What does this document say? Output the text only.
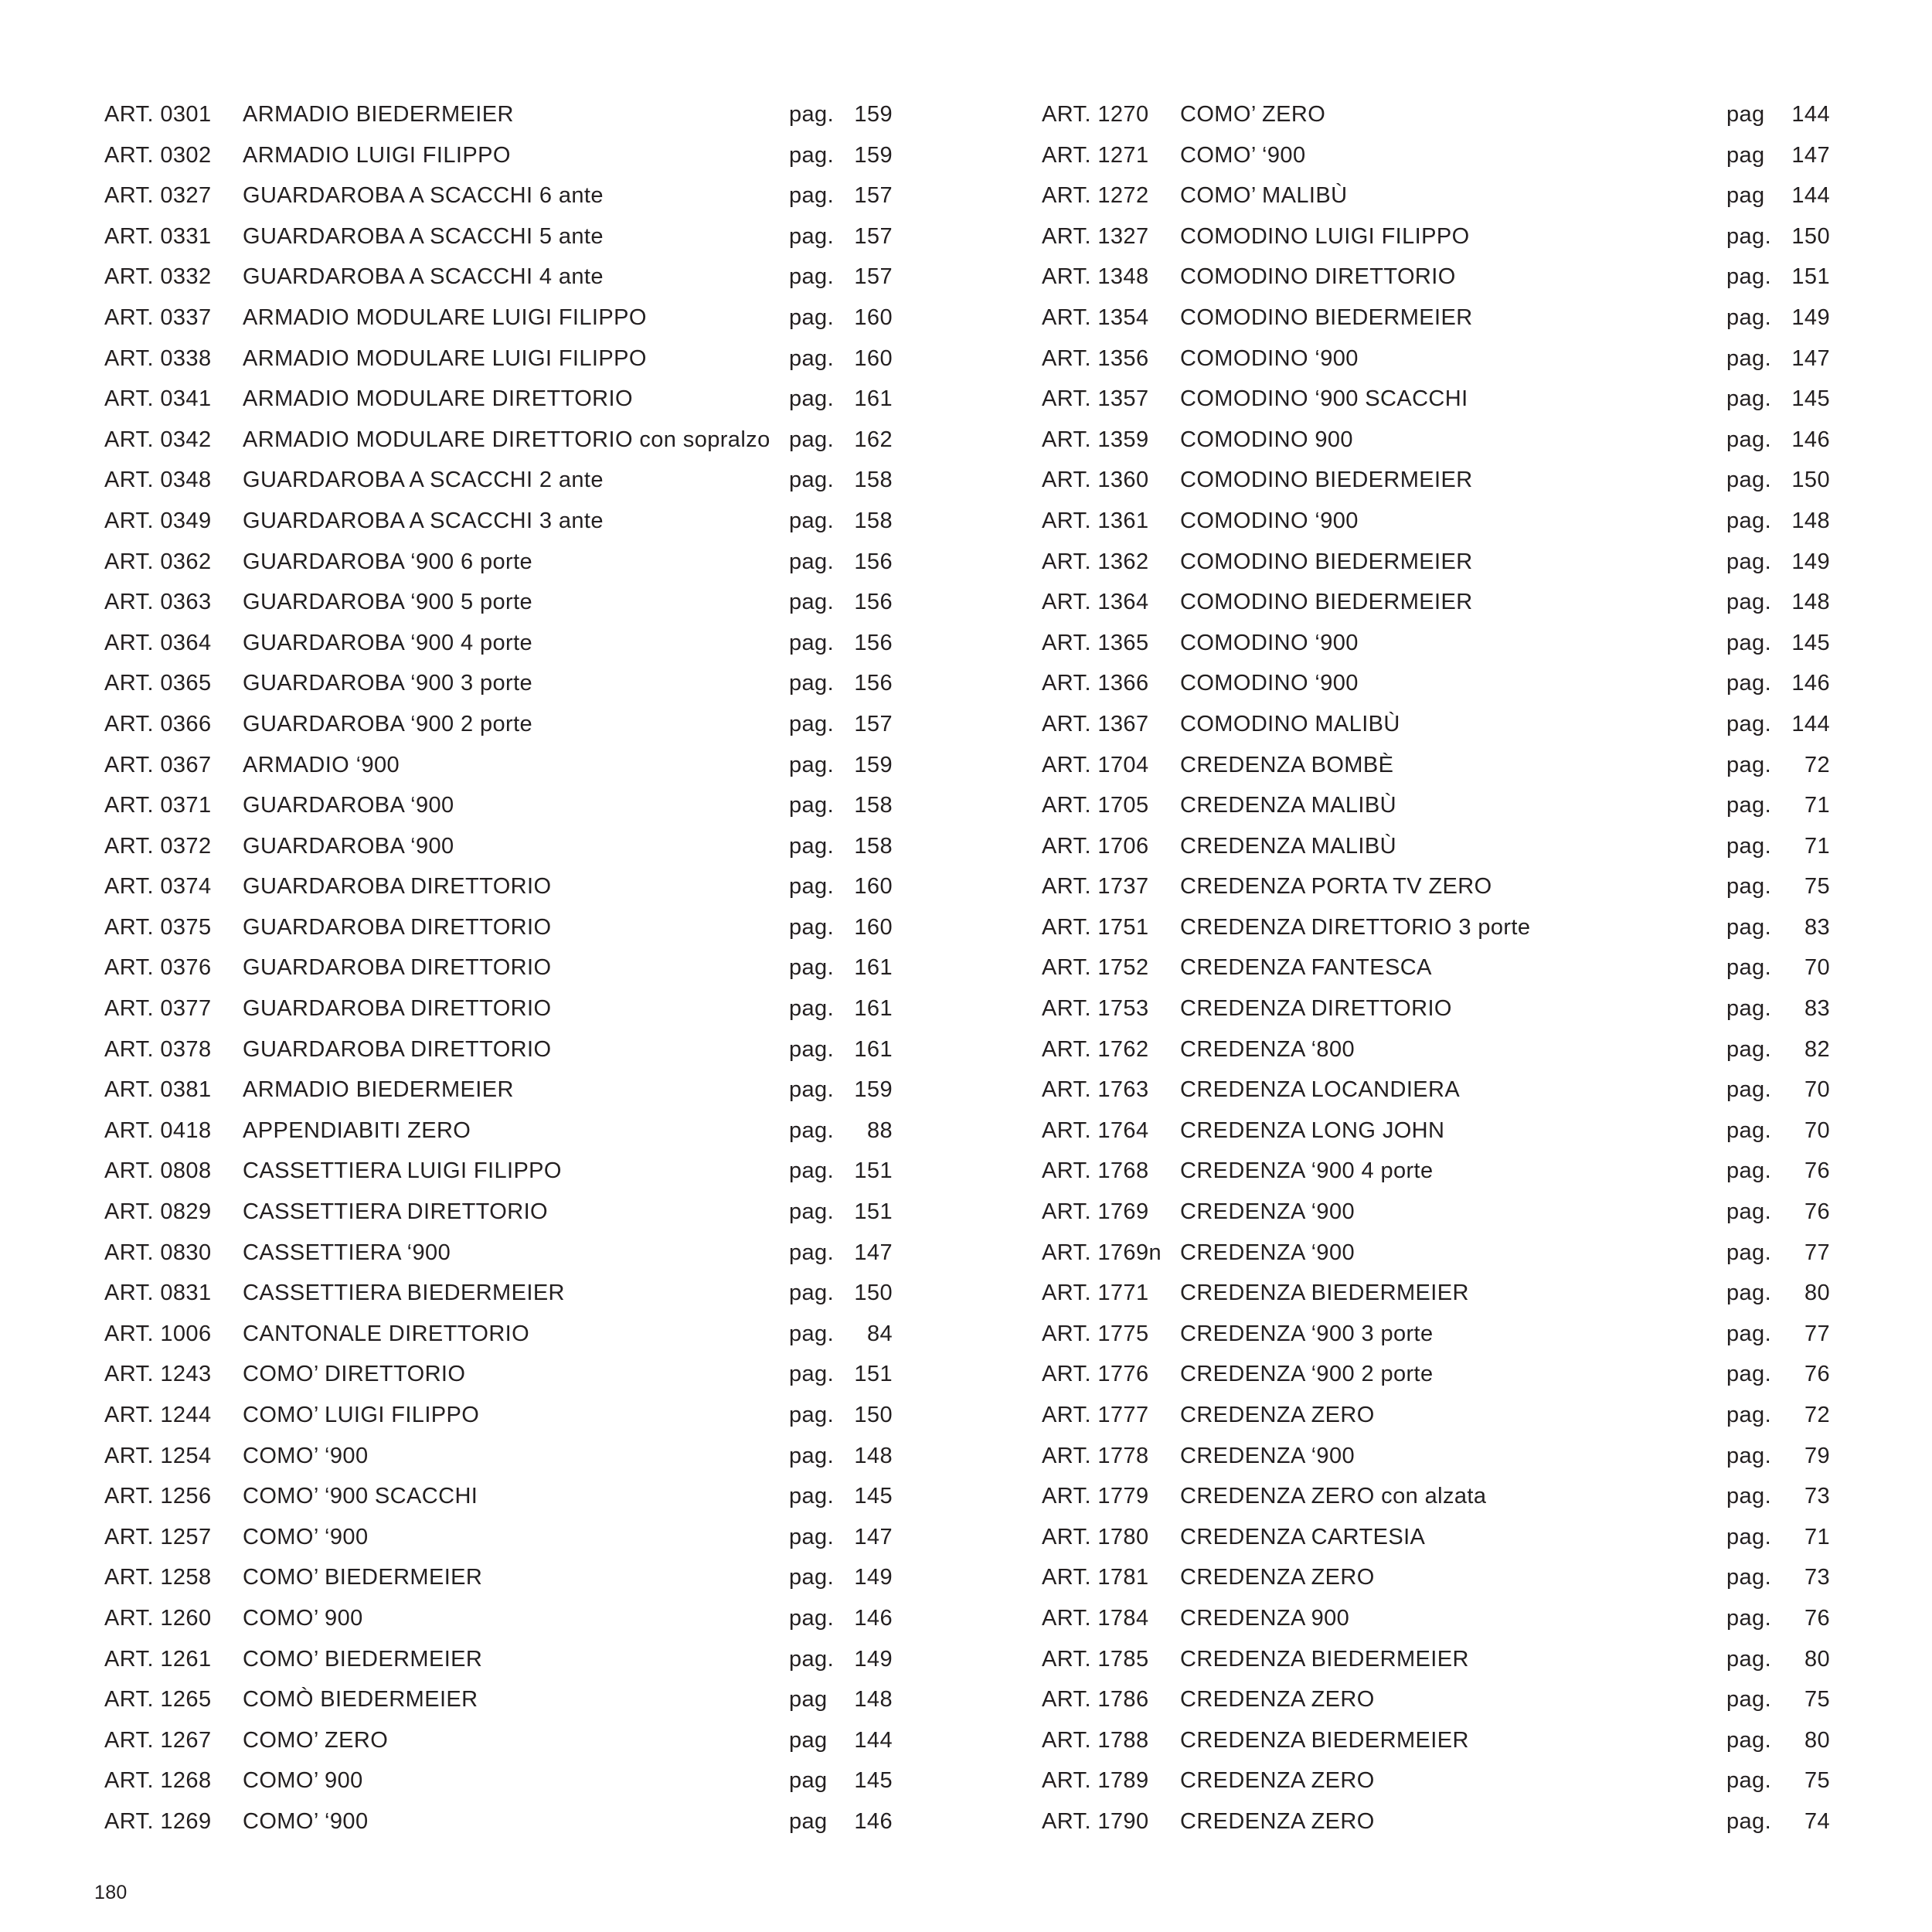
ART. 0301 ARMADIO BIEDERMEIER	pag. 159
ART. 0302 ARMADIO LUIGI FILIPPO	pag. 159
ART. 0327 GUARDAROBA A SCACCHI 6 ante	pag. 157
ART. 0331 GUARDAROBA A SCACCHI 5 ante	pag. 157
ART. 0332 GUARDAROBA A SCACCHI 4 ante	pag. 157
ART. 0337 ARMADIO MODULARE LUIGI FILIPPO	pag. 160
ART. 0338 ARMADIO MODULARE LUIGI FILIPPO	pag. 160
ART. 0341 ARMADIO MODULARE DIRETTORIO	pag. 161
ART. 0342 ARMADIO MODULARE DIRETTORIO con sopralzo pag. 162
ART. 0348 GUARDAROBA A SCACCHI 2 ante	pag. 158
ART. 0349 GUARDAROBA A SCACCHI 3 ante	pag. 158
ART. 0362 GUARDAROBA ‘900 6 porte	pag. 156
ART. 0363 GUARDAROBA ‘900 5 porte	pag. 156
ART. 0364 GUARDAROBA ‘900 4 porte	pag. 156
ART. 0365 GUARDAROBA ‘900 3 porte	pag. 156
ART. 0366 GUARDAROBA ‘900 2 porte	pag. 157
ART. 0367 ARMADIO ‘900	pag. 159
ART. 0371 GUARDAROBA ‘900	pag. 158
ART. 0372 GUARDAROBA ‘900	pag. 158
ART. 0374 GUARDAROBA DIRETTORIO	pag. 160
ART. 0375 GUARDAROBA DIRETTORIO	pag. 160
ART. 0376 GUARDAROBA DIRETTORIO	pag. 161
ART. 0377 GUARDAROBA DIRETTORIO	pag. 161
ART. 0378 GUARDAROBA DIRETTORIO	pag. 161
ART. 0381 ARMADIO BIEDERMEIER	pag. 159
ART. 0418 APPENDIABITI ZERO	pag. 88
ART. 0808 CASSETTIERA LUIGI FILIPPO	pag. 151
ART. 0829 CASSETTIERA DIRETTORIO	pag. 151
ART. 0830 CASSETTIERA ‘900	pag. 147
ART. 0831 CASSETTIERA BIEDERMEIER	pag. 150
ART. 1006 CANTONALE DIRETTORIO	pag. 84
ART. 1243 COMO’ DIRETTORIO	pag. 151
ART. 1244 COMO’ LUIGI FILIPPO	pag. 150
ART. 1254 COMO’ ‘900	pag. 148
ART. 1256 COMO’ ‘900 SCACCHI	pag. 145
ART. 1257 COMO’ ‘900	pag. 147
ART. 1258 COMO’ BIEDERMEIER	pag. 149
ART. 1260 COMO’ 900	pag. 146
ART. 1261 COMO’ BIEDERMEIER	pag. 149
ART. 1265 COMÒ BIEDERMEIER	pag 148
ART. 1267 COMO’ ZERO	pag 144
ART. 1268 COMO’ 900	pag 145
ART. 1269 COMO’ ‘900	pag 146
ART. 1270 COMO’ ZERO	pag 144
ART. 1271 COMO’ ‘900	pag 147
ART. 1272 COMO’ MALIBÙ	pag 144
ART. 1327 COMODINO LUIGI FILIPPO	pag. 150
ART. 1348 COMODINO DIRETTORIO	pag. 151
ART. 1354 COMODINO BIEDERMEIER	pag. 149
ART. 1356 COMODINO ‘900	pag. 147
ART. 1357 COMODINO ‘900 SCACCHI	pag. 145
ART. 1359 COMODINO 900	pag. 146
ART. 1360 COMODINO BIEDERMEIER	pag. 150
ART. 1361 COMODINO ‘900	pag. 148
ART. 1362 COMODINO BIEDERMEIER	pag. 149
ART. 1364 COMODINO BIEDERMEIER	pag. 148
ART. 1365 COMODINO ‘900	pag. 145
ART. 1366 COMODINO ‘900	pag. 146
ART. 1367 COMODINO MALIBÙ	pag. 144
ART. 1704 CREDENZA BOMBÈ	pag. 72
ART. 1705 CREDENZA MALIBÙ	pag. 71
ART. 1706 CREDENZA MALIBÙ	pag. 71
ART. 1737 CREDENZA PORTA TV ZERO	pag. 75
ART. 1751 CREDENZA DIRETTORIO 3 porte	pag. 83
ART. 1752 CREDENZA FANTESCA	pag. 70
ART. 1753 CREDENZA DIRETTORIO	pag. 83
ART. 1762 CREDENZA ‘800	pag. 82
ART. 1763 CREDENZA LOCANDIERA	pag. 70
ART. 1764 CREDENZA LONG JOHN	pag. 70
ART. 1768 CREDENZA ‘900 4 porte	pag. 76
ART. 1769 CREDENZA ‘900	pag. 76
ART. 1769n CREDENZA ‘900	pag. 77
ART. 1771 CREDENZA BIEDERMEIER	pag. 80
ART. 1775 CREDENZA ‘900 3 porte	pag. 77
ART. 1776 CREDENZA ‘900 2 porte	pag. 76
ART. 1777 CREDENZA ZERO	pag. 72
ART. 1778 CREDENZA ‘900	pag. 79
ART. 1779 CREDENZA ZERO con alzata	pag. 73
ART. 1780 CREDENZA CARTESIA	pag. 71
ART. 1781 CREDENZA ZERO	pag. 73
ART. 1784 CREDENZA 900	pag. 76
ART. 1785 CREDENZA BIEDERMEIER	pag. 80
ART. 1786 CREDENZA ZERO	pag. 75
ART. 1788 CREDENZA BIEDERMEIER	pag. 80
ART. 1789 CREDENZA ZERO	pag. 75
ART. 1790 CREDENZA ZERO	pag. 74
180
